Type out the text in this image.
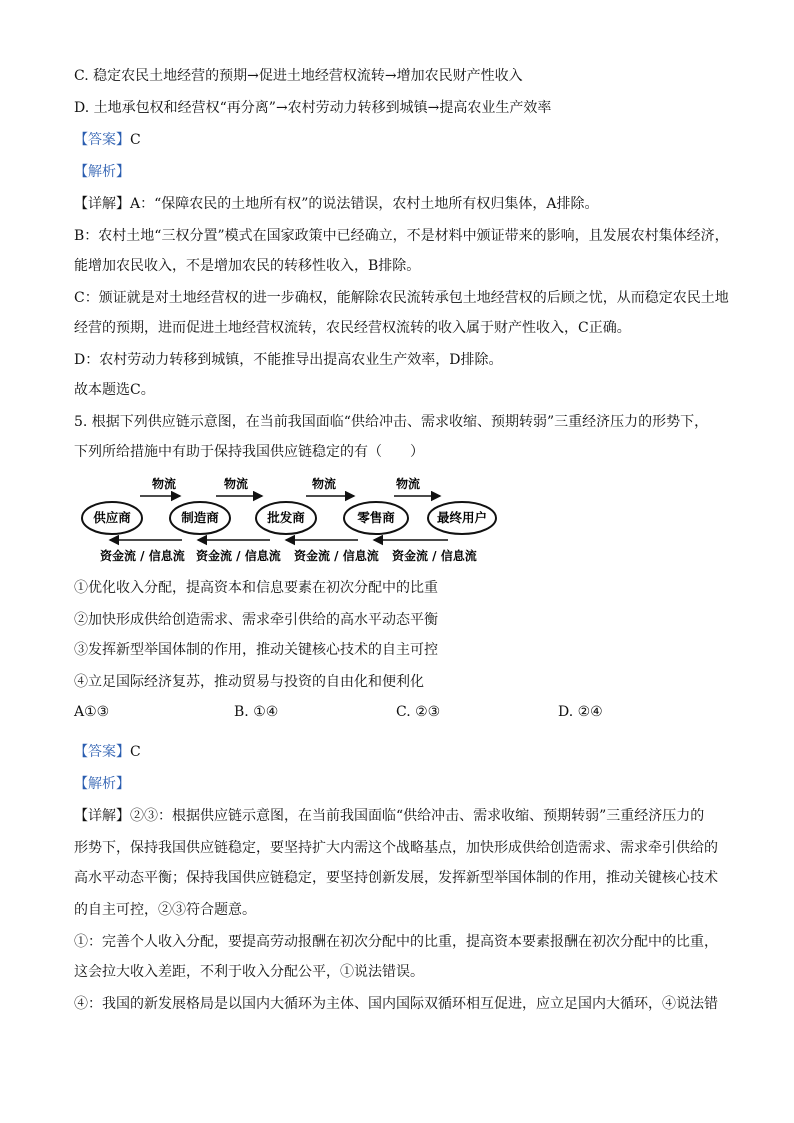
C. 稳定农民土地经营的预期→促进土地经营权流转→增加农民财产性收入
D. 土地承包权和经营权“再分离”→农村劳动力转移到城镇→提高农业生产效率
【答案】C
【解析】
【详解】A：“保障农民的土地所有权”的说法错误，农村土地所有权归集体，A排除。
B：农村土地“三权分置”模式在国家政策中已经确立，不是材料中颁证带来的影响，且发展农村集体经济，
能增加农民收入，不是增加农民的转移性收入，B排除。
C：颁证就是对土地经营权的进一步确权，能解除农民流转承包土地经营权的后顾之忧，从而稳定农民土地
经营的预期，进而促进土地经营权流转，农民经营权流转的收入属于财产性收入，C正确。
D：农村劳动力转移到城镇，不能推导出提高农业生产效率，D排除。
故本题选C。
5. 根据下列供应链示意图，在当前我国面临“供给冲击、需求收缩、预期转弱”三重经济压力的形势下，
下列所给措施中有助于保持我国供应链稳定的有（　　）
供应商	制造商	批发商	零售商	最终用户
物流	物流	物流	物流
资金流 / 信息流 资金流 / 信息流 资金流 / 信息流 资金流 / 信息流
①优化收入分配，提高资本和信息要素在初次分配中的比重
②加快形成供给创造需求、需求牵引供给的高水平动态平衡
③发挥新型举国体制的作用，推动关键核心技术的自主可控
④立足国际经济复苏，推动贸易与投资的自由化和便利化
A①③	B. ①④	C. ②③	D. ②④
【答案】C
【解析】
【详解】②③：根据供应链示意图，在当前我国面临“供给冲击、需求收缩、预期转弱”三重经济压力的
形势下，保持我国供应链稳定，要坚持扩大内需这个战略基点，加快形成供给创造需求、需求牵引供给的
高水平动态平衡；保持我国供应链稳定，要坚持创新发展，发挥新型举国体制的作用，推动关键核心技术
的自主可控，②③符合题意。
①：完善个人收入分配，要提高劳动报酬在初次分配中的比重，提高资本要素报酬在初次分配中的比重，
这会拉大收入差距，不利于收入分配公平，①说法错误。
④：我国的新发展格局是以国内大循环为主体、国内国际双循环相互促进，应立足国内大循环，④说法错
